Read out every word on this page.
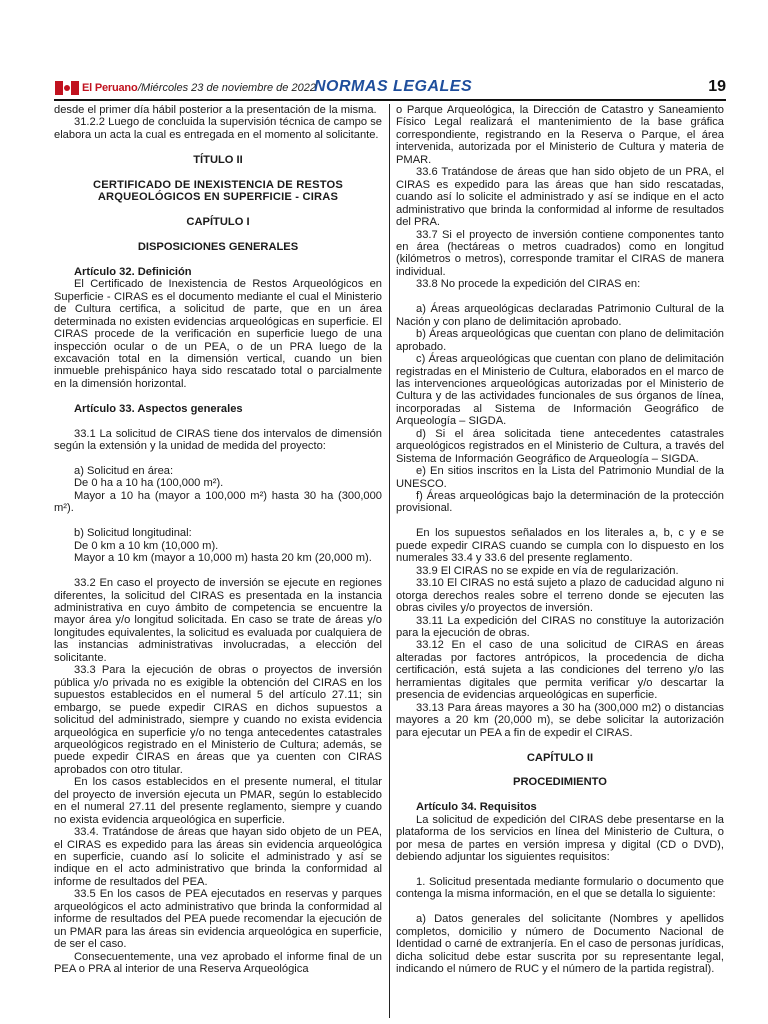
El Peruano /Miércoles 23 de noviembre de 2022
NORMAS LEGALES	19

desde el primer día hábil posterior a la presentación de la misma.

31.2.2 Luego de concluida la supervisión técnica de campo se elabora un acta la cual es entregada en el momento al solicitante.

TÍTULO II

CERTIFICADO DE INEXISTENCIA DE RESTOS ARQUEOLÓGICOS EN SUPERFICIE - CIRAS

CAPÍTULO I

DISPOSICIONES GENERALES

Artículo 32. Definición

El Certificado de Inexistencia de Restos Arqueológicos en Superficie - CIRAS es el documento mediante el cual el Ministerio de Cultura certifica, a solicitud de parte, que en un área determinada no existen evidencias arqueológicas en superficie. El CIRAS procede de la verificación en superficie luego de una inspección ocular o de un PEA, o de un PRA luego de la excavación total en la dimensión vertical, cuando un bien inmueble prehispánico haya sido rescatado total o parcialmente en la dimensión horizontal.

Artículo 33. Aspectos generales

33.1 La solicitud de CIRAS tiene dos intervalos de dimensión según la extensión y la unidad de medida del proyecto:

a) Solicitud en área:

De 0 ha a 10 ha (100,000 m²).

Mayor a 10 ha (mayor a 100,000 m²) hasta 30 ha (300,000 m²).

b) Solicitud longitudinal:

De 0 km a 10 km (10,000 m).

Mayor a 10 km (mayor a 10,000 m) hasta 20 km (20,000 m).

33.2 En caso el proyecto de inversión se ejecute en regiones diferentes, la solicitud del CIRAS es presentada en la instancia administrativa en cuyo ámbito de competencia se encuentre la mayor área y/o longitud solicitada. En caso se trate de áreas y/o longitudes equivalentes, la solicitud es evaluada por cualquiera de las instancias administrativas involucradas, a elección del solicitante.

33.3 Para la ejecución de obras o proyectos de inversión pública y/o privada no es exigible la obtención del CIRAS en los supuestos establecidos en el numeral 5 del artículo 27.11; sin embargo, se puede expedir CIRAS en dichos supuestos a solicitud del administrado, siempre y cuando no exista evidencia arqueológica en superficie y/o no tenga antecedentes catastrales arqueológicos registrado en el Ministerio de Cultura; además, se puede expedir CIRAS en áreas que ya cuenten con CIRAS aprobados con otro titular.

En los casos establecidos en el presente numeral, el titular del proyecto de inversión ejecuta un PMAR, según lo establecido en el numeral 27.11 del presente reglamento, siempre y cuando no exista evidencia arqueológica en superficie.

33.4. Tratándose de áreas que hayan sido objeto de un PEA, el CIRAS es expedido para las áreas sin evidencia arqueológica en superficie, cuando así lo solicite el administrado y así se indique en el acto administrativo que brinda la conformidad al informe de resultados del PEA.

33.5 En los casos de PEA ejecutados en reservas y parques arqueológicos el acto administrativo que brinda la conformidad al informe de resultados del PEA puede recomendar la ejecución de un PMAR para las áreas sin evidencia arqueológica en superficie, de ser el caso.

Consecuentemente, una vez aprobado el informe final de un PEA o PRA al interior de una Reserva Arqueológica

o Parque Arqueológica, la Dirección de Catastro y Saneamiento Físico Legal realizará el mantenimiento de la base gráfica correspondiente, registrando en la Reserva o Parque, el área intervenida, autorizada por el Ministerio de Cultura y materia de PMAR.

33.6 Tratándose de áreas que han sido objeto de un PRA, el CIRAS es expedido para las áreas que han sido rescatadas, cuando así lo solicite el administrado y así se indique en el acto administrativo que brinda la conformidad al informe de resultados del PRA.

33.7 Si el proyecto de inversión contiene componentes tanto en área (hectáreas o metros cuadrados) como en longitud (kilómetros o metros), corresponde tramitar el CIRAS de manera individual.

33.8 No procede la expedición del CIRAS en:

a) Áreas arqueológicas declaradas Patrimonio Cultural de la Nación y con plano de delimitación aprobado.

b) Áreas arqueológicas que cuentan con plano de delimitación aprobado.

c) Áreas arqueológicas que cuentan con plano de delimitación registradas en el Ministerio de Cultura, elaborados en el marco de las intervenciones arqueológicas autorizadas por el Ministerio de Cultura y de las actividades funcionales de sus órganos de línea, incorporadas al Sistema de Información Geográfico de Arqueología – SIGDA.

d) Si el área solicitada tiene antecedentes catastrales arqueológicos registrados en el Ministerio de Cultura, a través del Sistema de Información Geográfico de Arqueología – SIGDA.

e) En sitios inscritos en la Lista del Patrimonio Mundial de la UNESCO.

f) Áreas arqueológicas bajo la determinación de la protección provisional.

En los supuestos señalados en los literales a, b, c y e se puede expedir CIRAS cuando se cumpla con lo dispuesto en los numerales 33.4 y 33.6 del presente reglamento.

33.9 El CIRAS no se expide en vía de regularización.

33.10 El CIRAS no está sujeto a plazo de caducidad alguno ni otorga derechos reales sobre el terreno donde se ejecuten las obras civiles y/o proyectos de inversión.

33.11 La expedición del CIRAS no constituye la autorización para la ejecución de obras.

33.12 En el caso de una solicitud de CIRAS en áreas alteradas por factores antrópicos, la procedencia de dicha certificación, está sujeta a las condiciones del terreno y/o las herramientas digitales que permita verificar y/o descartar la presencia de evidencias arqueológicas en superficie.

33.13 Para áreas mayores a 30 ha (300,000 m2) o distancias mayores a 20 km (20,000 m), se debe solicitar la autorización para ejecutar un PEA a fin de expedir el CIRAS.

CAPÍTULO II

PROCEDIMIENTO

Artículo 34. Requisitos

La solicitud de expedición del CIRAS debe presentarse en la plataforma de los servicios en línea del Ministerio de Cultura, o por mesa de partes en versión impresa y digital (CD o DVD), debiendo adjuntar los siguientes requisitos:

1. Solicitud presentada mediante formulario o documento que contenga la misma información, en el que se detalla lo siguiente:

a) Datos generales del solicitante (Nombres y apellidos completos, domicilio y número de Documento Nacional de Identidad o carné de extranjería. En el caso de personas jurídicas, dicha solicitud debe estar suscrita por su representante legal, indicando el número de RUC y el número de la partida registral).
